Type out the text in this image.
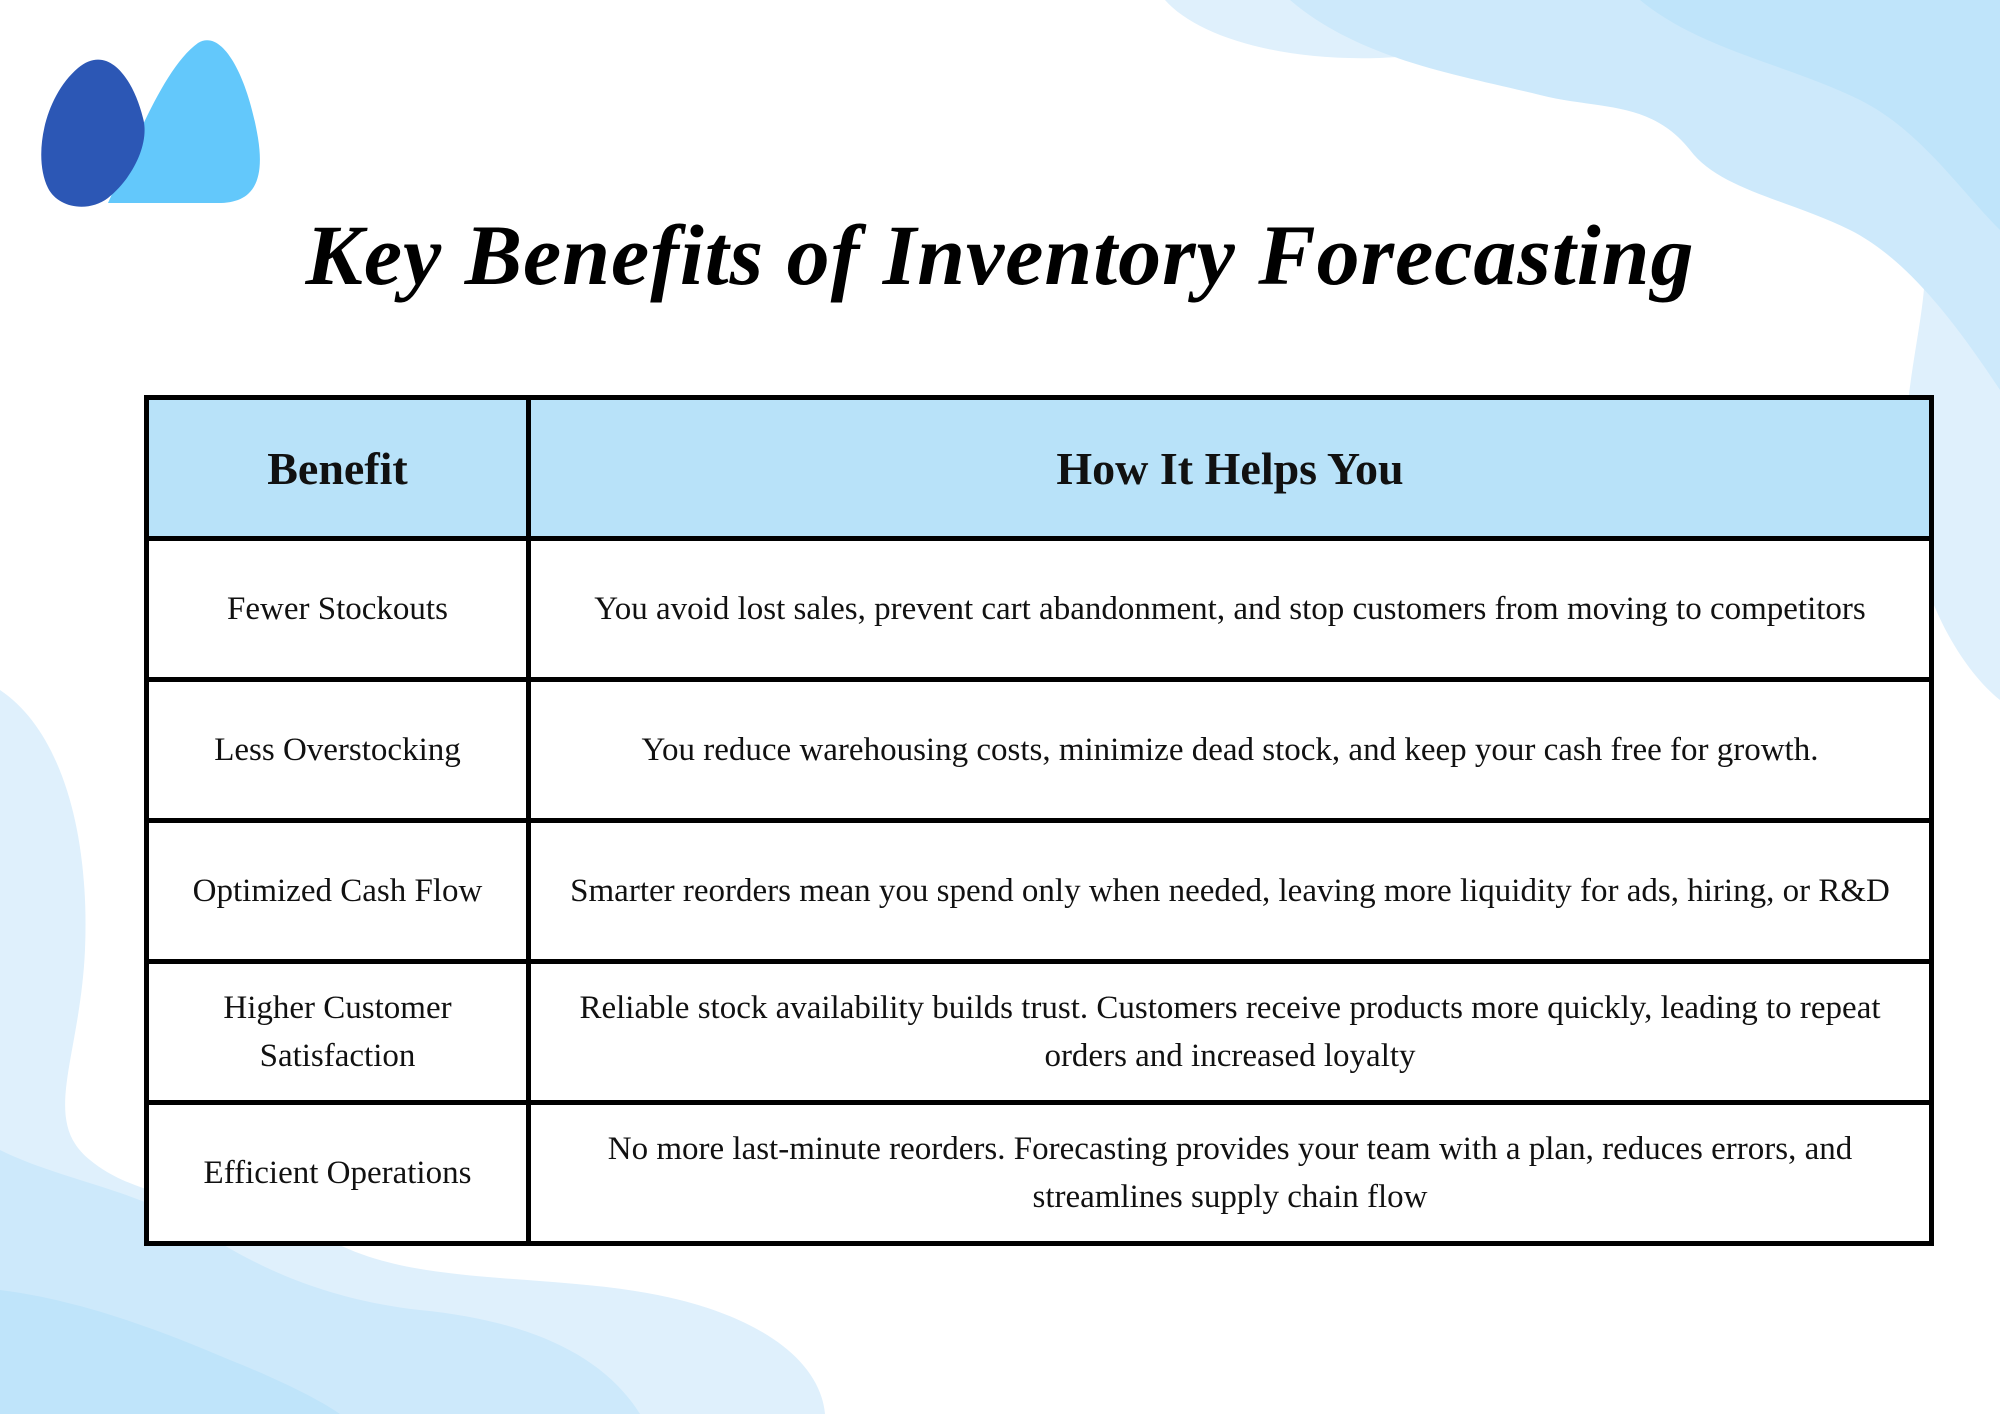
Key Benefits of Inventory Forecasting
Benefit	How It Helps You
Fewer Stockouts	You avoid lost sales, prevent cart abandonment, and stop customers from moving to competitors
Less Overstocking	You reduce warehousing costs, minimize dead stock, and keep your cash free for growth.
Optimized Cash Flow	Smarter reorders mean you spend only when needed, leaving more liquidity for ads, hiring, or R&D
Higher Customer Satisfaction	Reliable stock availability builds trust. Customers receive products more quickly, leading to repeat orders and increased loyalty
Efficient Operations	No more last-minute reorders. Forecasting provides your team with a plan, reduces errors, and streamlines supply chain flow
